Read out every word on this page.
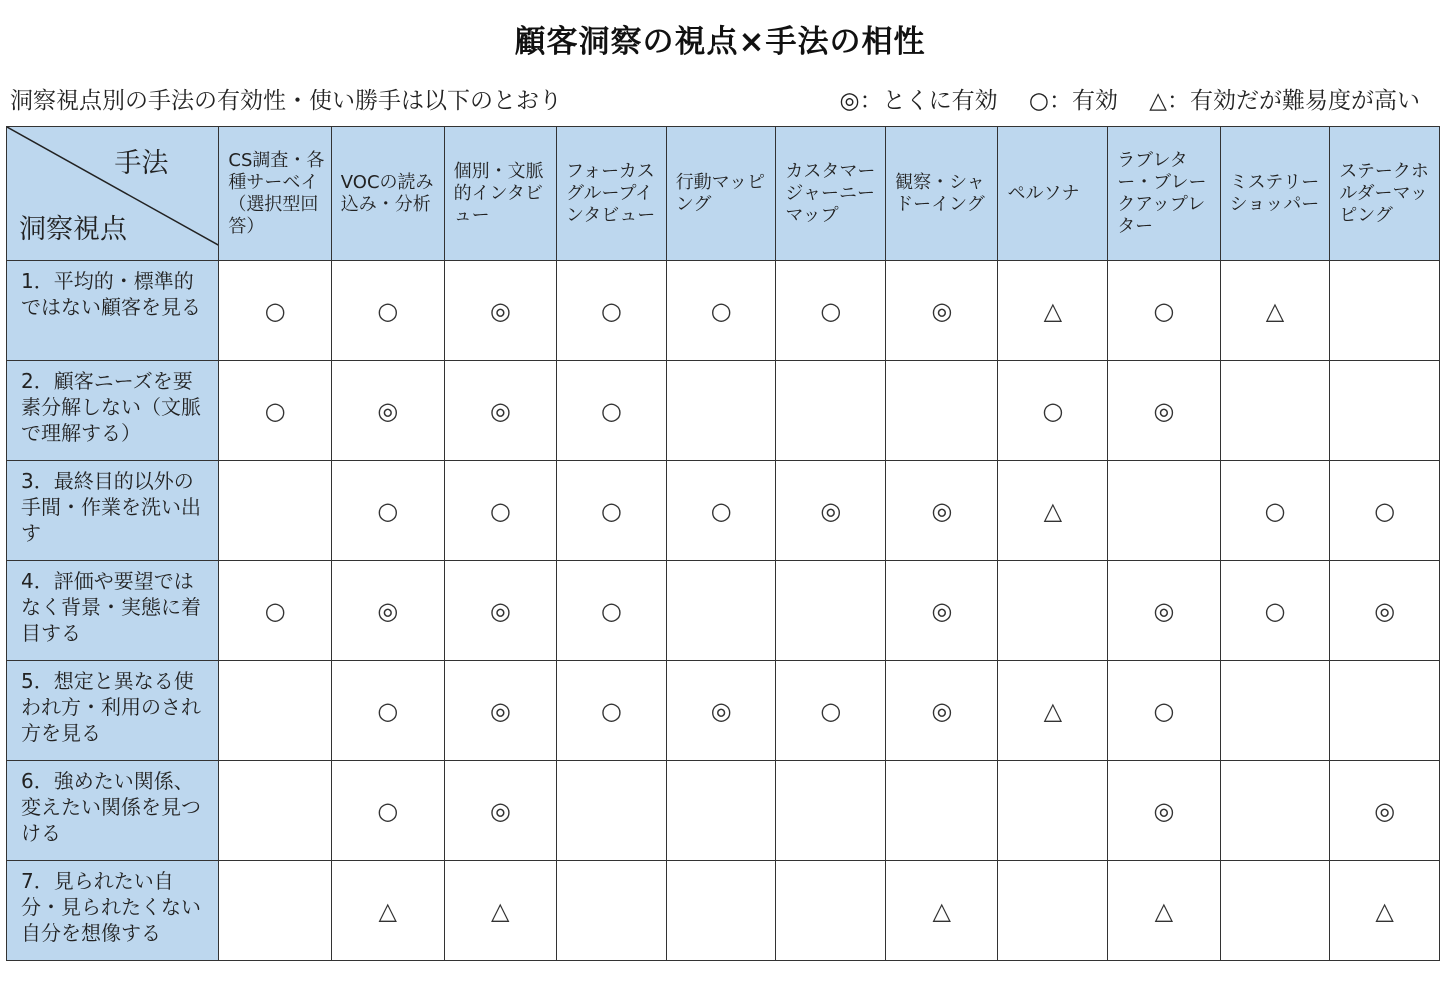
顧客洞察の視点×手法の相性
洞察視点別の手法の有効性・使い勝手は以下のとおり	◎：とくに有効 ○：有効 △：有効だが難易度が高い
手法
洞察視点	CS調査・各種サーベイ（選択型回答）	VOCの読み込み・分析	個別・文脈的インタビュー	フォーカスグループインタビュー	行動マッピング	カスタマージャーニーマップ	観察・シャドーイング	ペルソナ	ラブレター・ブレークアップレター	ミステリーショッパー	ステークホルダーマッピング
1．平均的・標準的ではない顧客を見る	○	○	◎	○	○	○	◎	△	○	△	
2．顧客ニーズを要素分解しない（文脈で理解する）	○	◎	◎	○				○	◎		
3．最終目的以外の手間・作業を洗い出す		○	○	○	○	◎	◎	△		○	○
4．評価や要望ではなく背景・実態に着目する	○	◎	◎	○			◎		◎	○	◎
5．想定と異なる使われ方・利用のされ方を見る		○	◎	○	◎	○	◎	△	○		
6．強めたい関係、変えたい関係を見つける		○	◎						◎		◎
7．見られたい自分・見られたくない自分を想像する		△	△				△		△		△
